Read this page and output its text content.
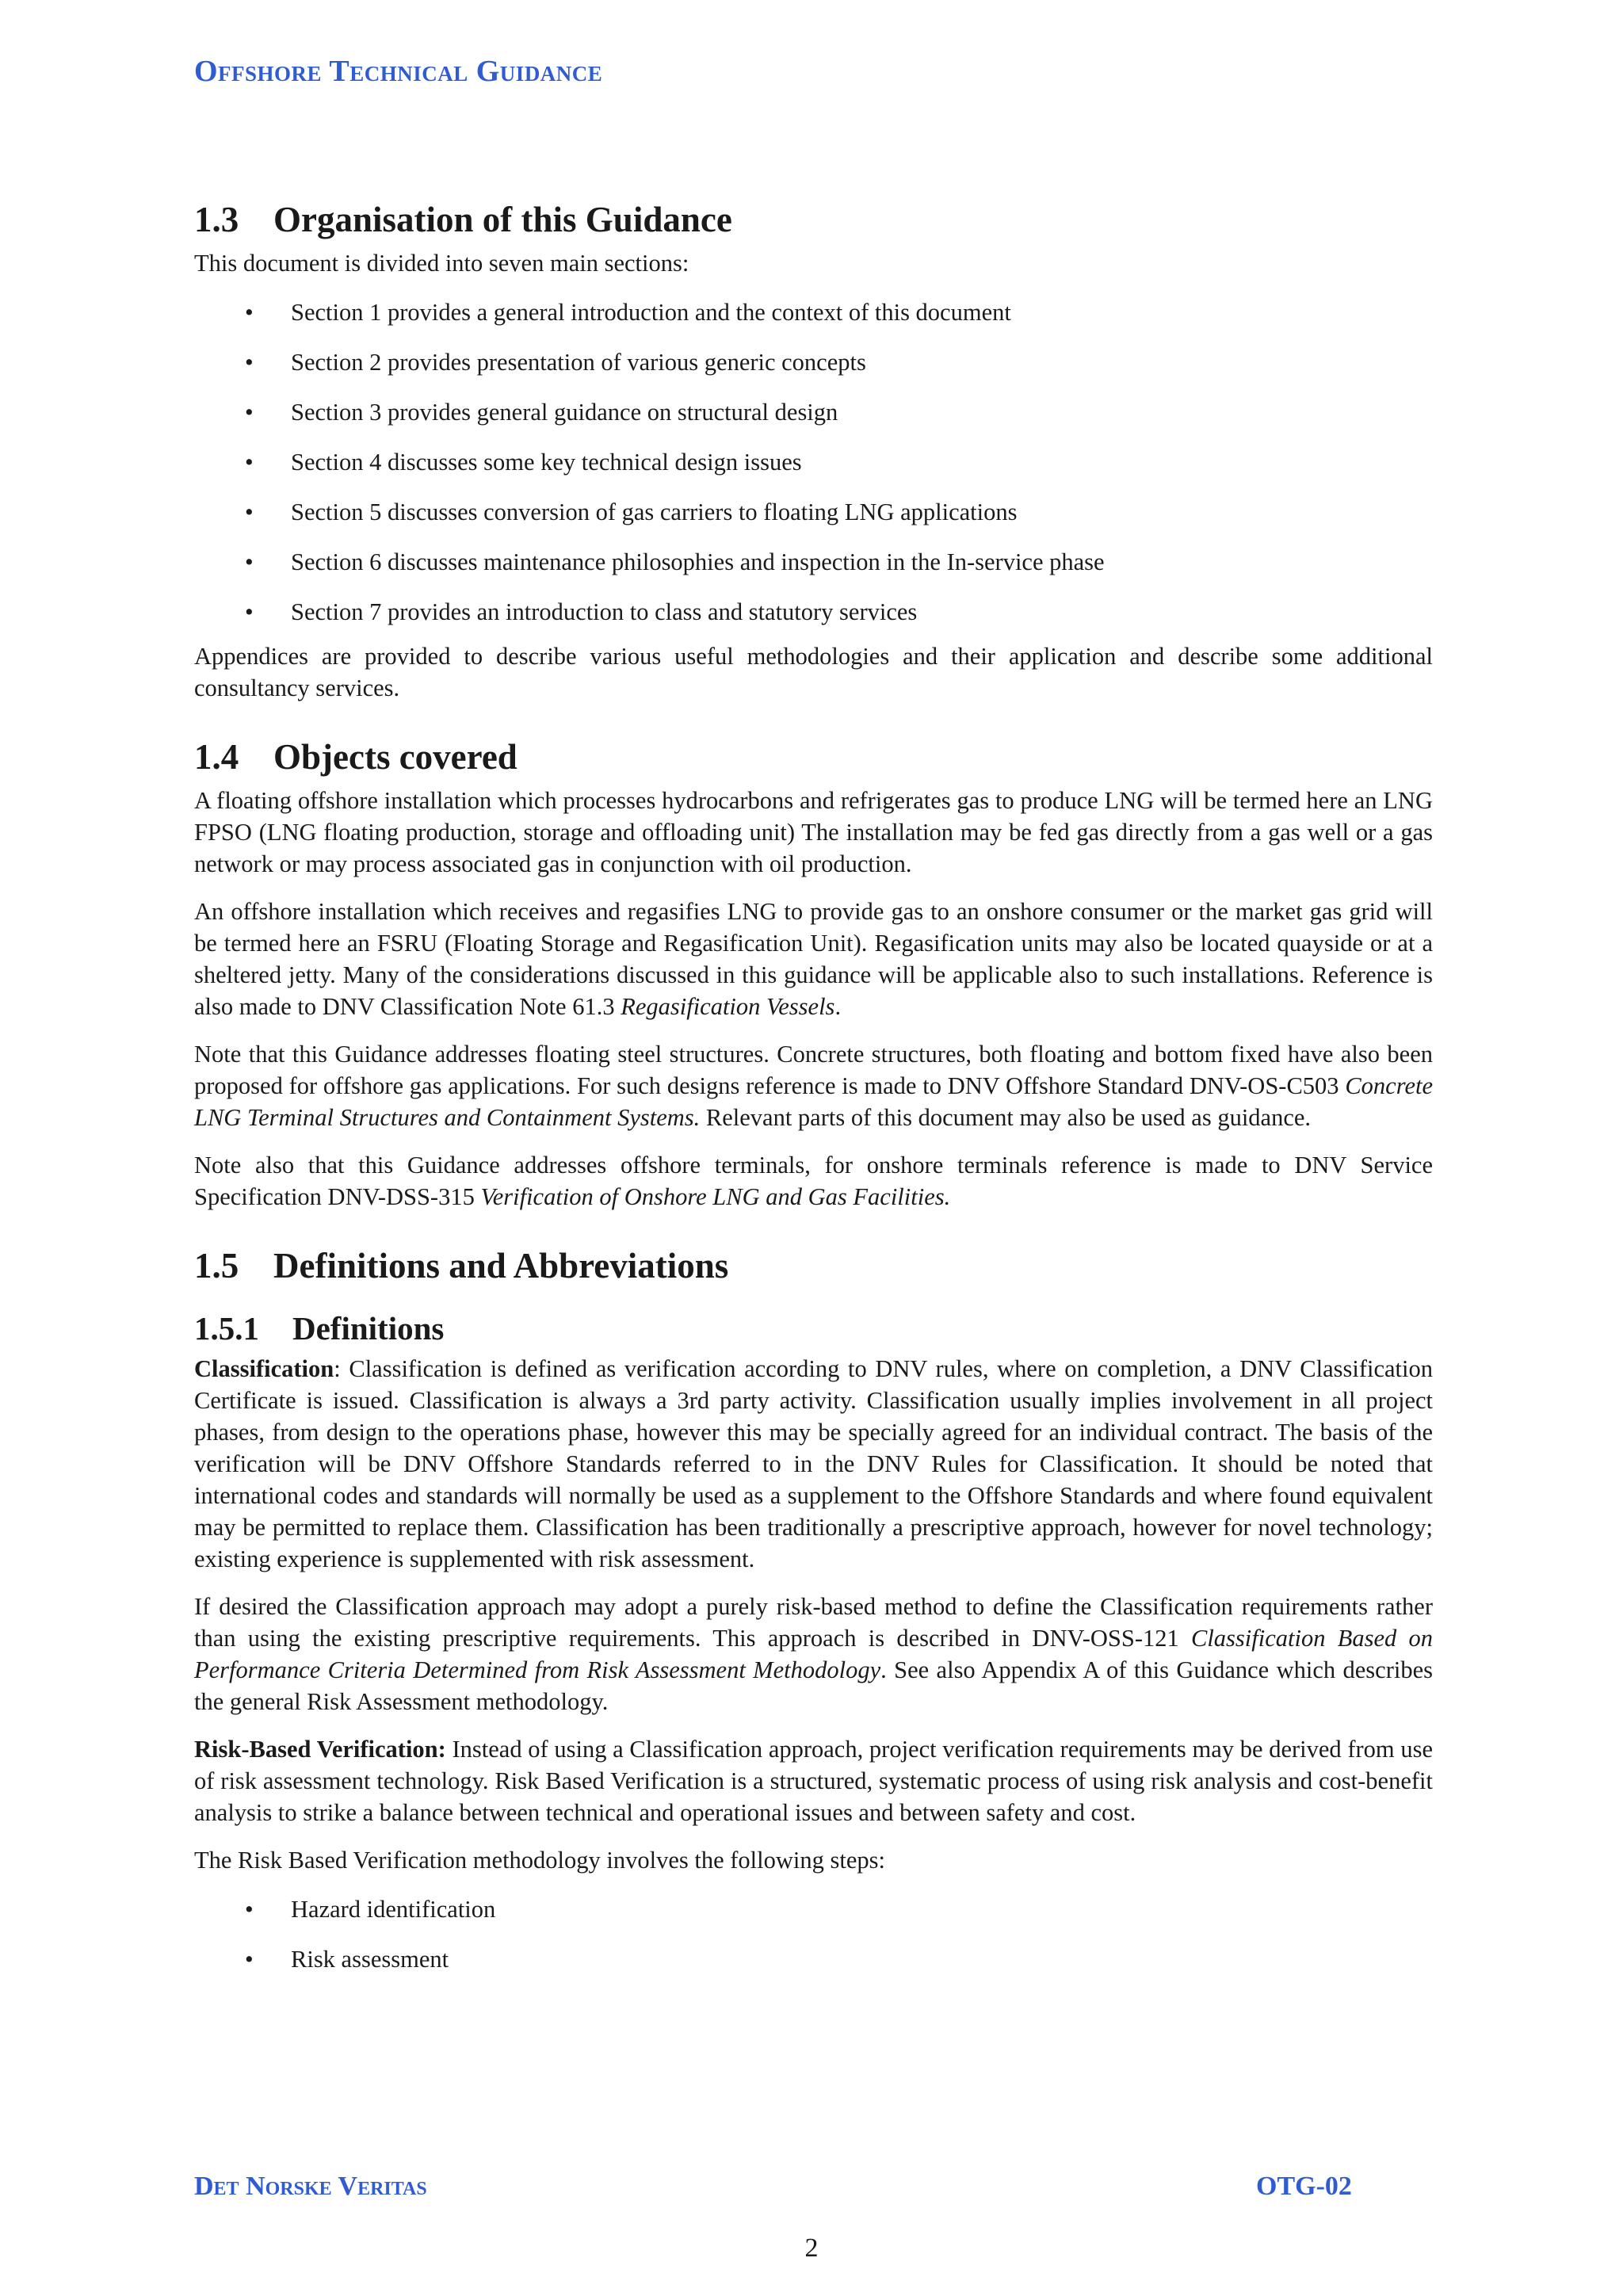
Offshore Technical Guidance
1.3 Organisation of this Guidance

This document is divided into seven main sections:

• Section 1 provides a general introduction and the context of this document
• Section 2 provides presentation of various generic concepts
• Section 3 provides general guidance on structural design
• Section 4 discusses some key technical design issues
• Section 5 discusses conversion of gas carriers to floating LNG applications
• Section 6 discusses maintenance philosophies and inspection in the In-service phase
• Section 7 provides an introduction to class and statutory services

Appendices are provided to describe various useful methodologies and their application and describe some additional consultancy services.

1.4 Objects covered

A floating offshore installation which processes hydrocarbons and refrigerates gas to produce LNG will be termed here an LNG FPSO (LNG floating production, storage and offloading unit) The installation may be fed gas directly from a gas well or a gas network or may process associated gas in conjunction with oil production.

An offshore installation which receives and regasifies LNG to provide gas to an onshore consumer or the market gas grid will be termed here an FSRU (Floating Storage and Regasification Unit). Regasification units may also be located quayside or at a sheltered jetty. Many of the considerations discussed in this guidance will be applicable also to such installations. Reference is also made to DNV Classification Note 61.3 Regasification Vessels.

Note that this Guidance addresses floating steel structures. Concrete structures, both floating and bottom fixed have also been proposed for offshore gas applications. For such designs reference is made to DNV Offshore Standard DNV-OS-C503 Concrete LNG Terminal Structures and Containment Systems. Relevant parts of this document may also be used as guidance.

Note also that this Guidance addresses offshore terminals, for onshore terminals reference is made to DNV Service Specification DNV-DSS-315 Verification of Onshore LNG and Gas Facilities.

1.5 Definitions and Abbreviations
1.5.1 Definitions

Classification: Classification is defined as verification according to DNV rules, where on completion, a DNV Classification Certificate is issued. Classification is always a 3rd party activity. Classification usually implies involvement in all project phases, from design to the operations phase, however this may be specially agreed for an individual contract. The basis of the verification will be DNV Offshore Standards referred to in the DNV Rules for Classification. It should be noted that international codes and standards will normally be used as a supplement to the Offshore Standards and where found equivalent may be permitted to replace them. Classification has been traditionally a prescriptive approach, however for novel technology; existing experience is supplemented with risk assessment.

If desired the Classification approach may adopt a purely risk-based method to define the Classification requirements rather than using the existing prescriptive requirements. This approach is described in DNV-OSS-121 Classification Based on Performance Criteria Determined from Risk Assessment Methodology. See also Appendix A of this Guidance which describes the general Risk Assessment methodology.

Risk-Based Verification: Instead of using a Classification approach, project verification requirements may be derived from use of risk assessment technology. Risk Based Verification is a structured, systematic process of using risk analysis and cost-benefit analysis to strike a balance between technical and operational issues and between safety and cost.

The Risk Based Verification methodology involves the following steps:

• Hazard identification
• Risk assessment
Det Norske Veritas	OTG-02
2
